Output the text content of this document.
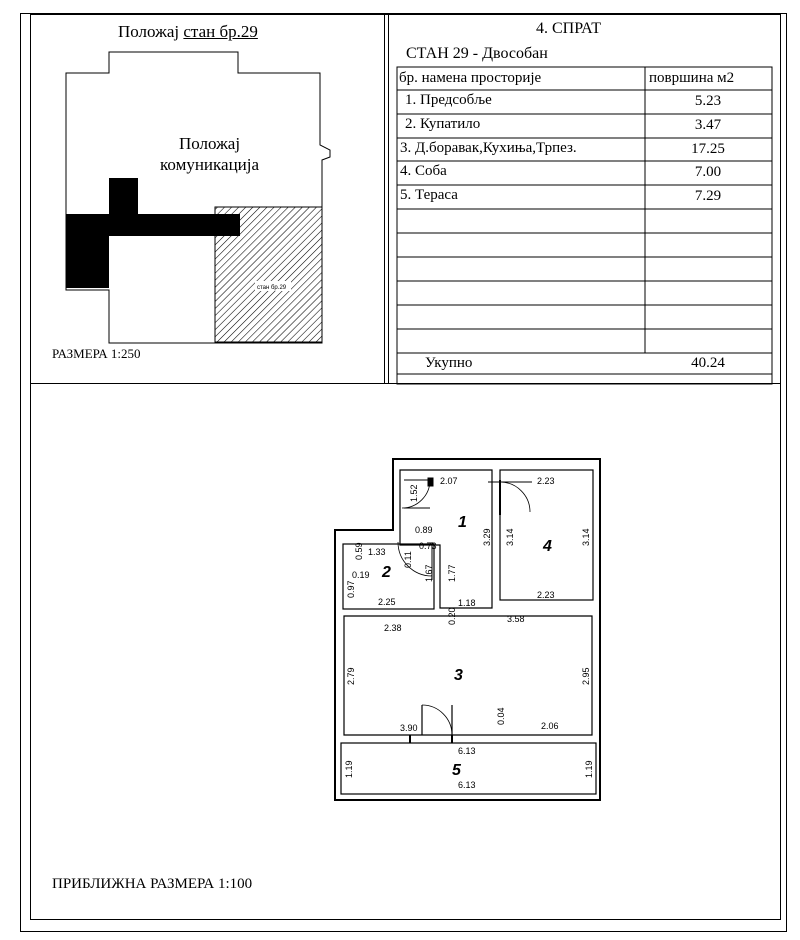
Положај стан бр.29
стан бр.29
Положај
комуникација
РАЗМЕРА 1:250
4. СПРАТ
СТАН 29 - Двособан
бр. намена просторије	површина м2
1. Предсобље	5.23
2. Купатило	3.47
3. Д.боравак,Кухиња,Трпез.	17.25
4. Соба	7.00
5. Тераса	7.29
Укупно	40.24
1
2
3
4
5
2.07
1.52
2.23
3.29 3.14	3.14
0.89
0.59 1.33 0.11
0.73
0.19
0.97
1.67 1.77
2.25	1.18
2.23
0.20
2.38
3.58
2.79	2.95
3.90
0.04
2.06
6.13
6.13
1.19	1.19
ПРИБЛИЖНА РАЗМЕРА 1:100
